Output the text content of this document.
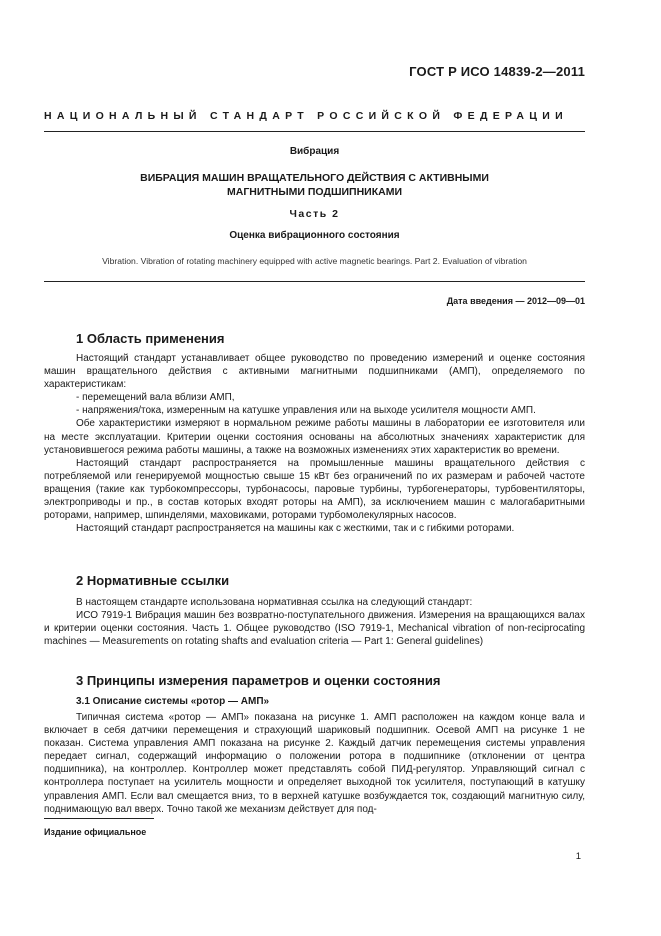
ГОСТ Р ИСО 14839-2—2011
НАЦИОНАЛЬНЫЙ СТАНДАРТ РОССИЙСКОЙ ФЕДЕРАЦИИ
Вибрация
ВИБРАЦИЯ МАШИН ВРАЩАТЕЛЬНОГО ДЕЙСТВИЯ С АКТИВНЫМИ МАГНИТНЫМИ ПОДШИПНИКАМИ
Часть 2
Оценка вибрационного состояния
Vibration. Vibration of rotating machinery equipped with active magnetic bearings. Part 2. Evaluation of vibration
Дата введения — 2012—09—01
1 Область применения

Настоящий стандарт устанавливает общее руководство по проведению измерений и оценке состояния машин вращательного действия с активными магнитными подшипниками (АМП), определяемого по характеристикам:

- перемещений вала вблизи АМП,

- напряжения/тока, измеренным на катушке управления или на выходе усилителя мощности АМП.

Обе характеристики измеряют в нормальном режиме работы машины в лаборатории ее изготовителя или на месте эксплуатации. Критерии оценки состояния основаны на абсолютных значениях характеристик для установившегося режима работы машины, а также на возможных изменениях этих характеристик во времени.

Настоящий стандарт распространяется на промышленные машины вращательного действия с потребляемой или генерируемой мощностью свыше 15 кВт без ограничений по их размерам и рабочей частоте вращения (такие как турбокомпрессоры, турбонасосы, паровые турбины, турбогенераторы, турбовентиляторы, электроприводы и пр., в состав которых входят роторы на АМП), за исключением машин с малогабаритными роторами, например, шпинделями, маховиками, роторами турбомолекулярных насосов.

Настоящий стандарт распространяется на машины как с жесткими, так и с гибкими роторами.

2 Нормативные ссылки

В настоящем стандарте использована нормативная ссылка на следующий стандарт:

ИСО 7919-1 Вибрация машин без возвратно-поступательного движения. Измерения на вращающихся валах и критерии оценки состояния. Часть 1. Общее руководство (ISO 7919-1, Mechanical vibration of non-reciprocating machines — Measurements on rotating shafts and evaluation criteria — Part 1: General guidelines)

3 Принципы измерения параметров и оценки состояния
3.1 Описание системы «ротор — АМП»

Типичная система «ротор — АМП» показана на рисунке 1. АМП расположен на каждом конце вала и включает в себя датчики перемещения и страхующий шариковый подшипник. Осевой АМП на рисунке 1 не показан. Система управления АМП показана на рисунке 2. Каждый датчик перемещения системы управления передает сигнал, содержащий информацию о положении ротора в подшипнике (отклонении от центра подшипника), на контроллер. Контроллер может представлять собой ПИД-регулятор. Управляющий сигнал с контроллера поступает на усилитель мощности и определяет выходной ток усилителя, поступающий в катушку управления АМП. Если вал смещается вниз, то в верхней катушке возбуждается ток, создающий магнитную силу, поднимающую вал вверх. Точно такой же механизм действует для под-

Издание официальное
1
